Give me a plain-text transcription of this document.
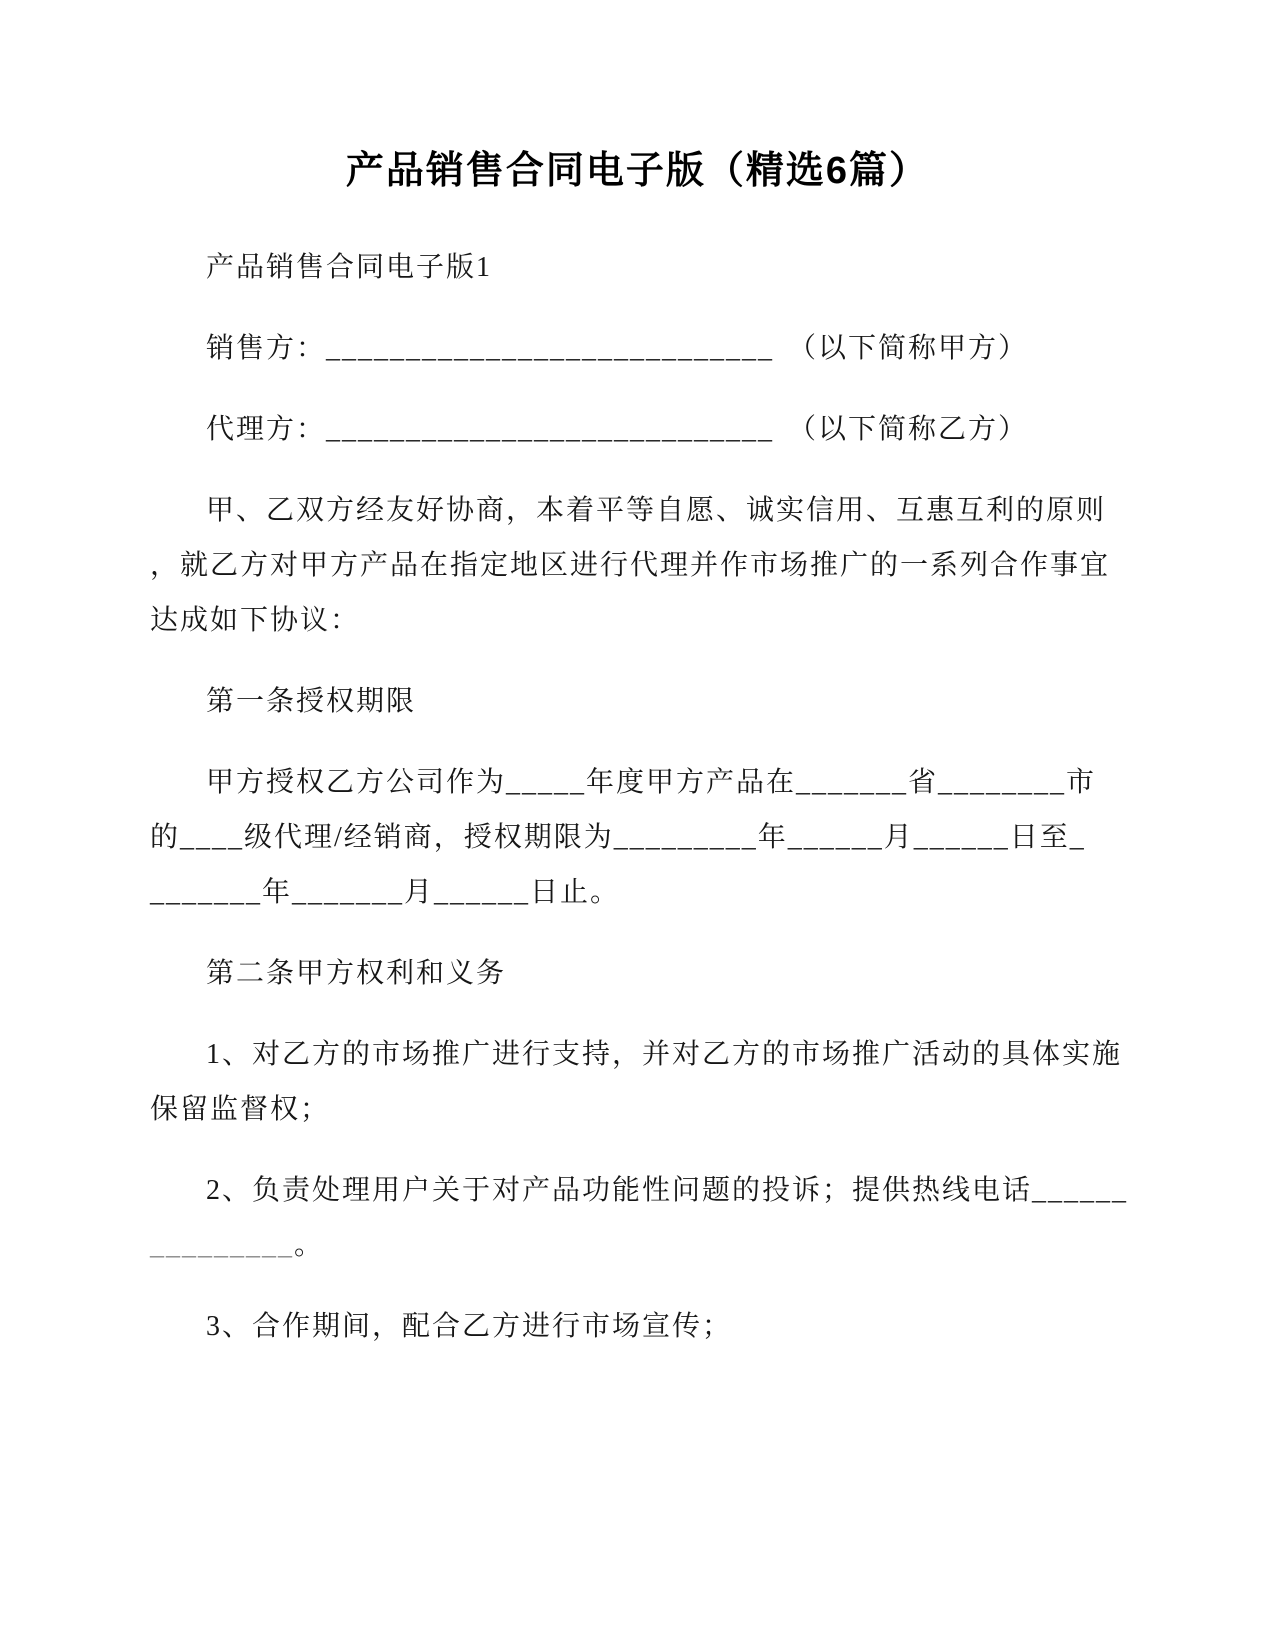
产品销售合同电子版（精选6篇）
产品销售合同电子版1
销售方：____________________________ （以下简称甲方）
代理方：____________________________ （以下简称乙方）
甲、乙双方经友好协商，本着平等自愿、诚实信用、互惠互利的原则
，就乙方对甲方产品在指定地区进行代理并作市场推广的一系列合作事宜
达成如下协议：
第一条授权期限
甲方授权乙方公司作为_____年度甲方产品在_______省________市
的____级代理/经销商，授权期限为_________年______月______日至_
_______年_______月______日止。
第二条甲方权利和义务
1、对乙方的市场推广进行支持，并对乙方的市场推广活动的具体实施
保留监督权；
2、负责处理用户关于对产品功能性问题的投诉；提供热线电话______
_________。
3、合作期间，配合乙方进行市场宣传；
